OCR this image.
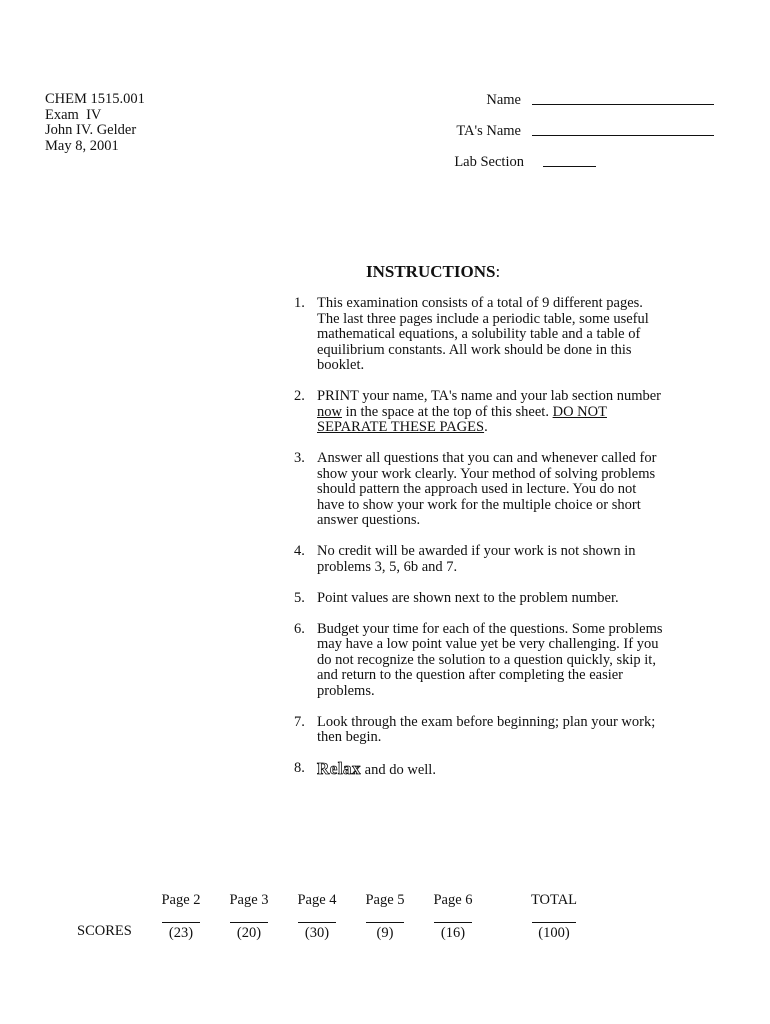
CHEM 1515.001
Exam  IV
John IV. Gelder
May 8, 2001
Name
TA's Name
Lab Section
INSTRUCTIONS:
1. This examination consists of a total of 9 different pages. The last three pages include a periodic table, some useful mathematical equations, a solubility table and a table of equilibrium constants. All work should be done in this booklet.
2. PRINT your name, TA's name and your lab section number now in the space at the top of this sheet. DO NOT SEPARATE THESE PAGES.
3. Answer all questions that you can and whenever called for show your work clearly. Your method of solving problems should pattern the approach used in lecture. You do not have to show your work for the multiple choice or short answer questions.
4. No credit will be awarded if your work is not shown in problems 3, 5, 6b and 7.
5. Point values are shown next to the problem number.
6. Budget your time for each of the questions. Some problems may have a low point value yet be very challenging. If you do not recognize the solution to a question quickly, skip it, and return to the question after completing the easier problems.
7. Look through the exam before beginning; plan your work; then begin.
8. Relax and do well.
SCORES
Page 2
(23)
Page 3
(20)
Page 4
(30)
Page 5
(9)
Page 6
(16)
TOTAL
(100)
